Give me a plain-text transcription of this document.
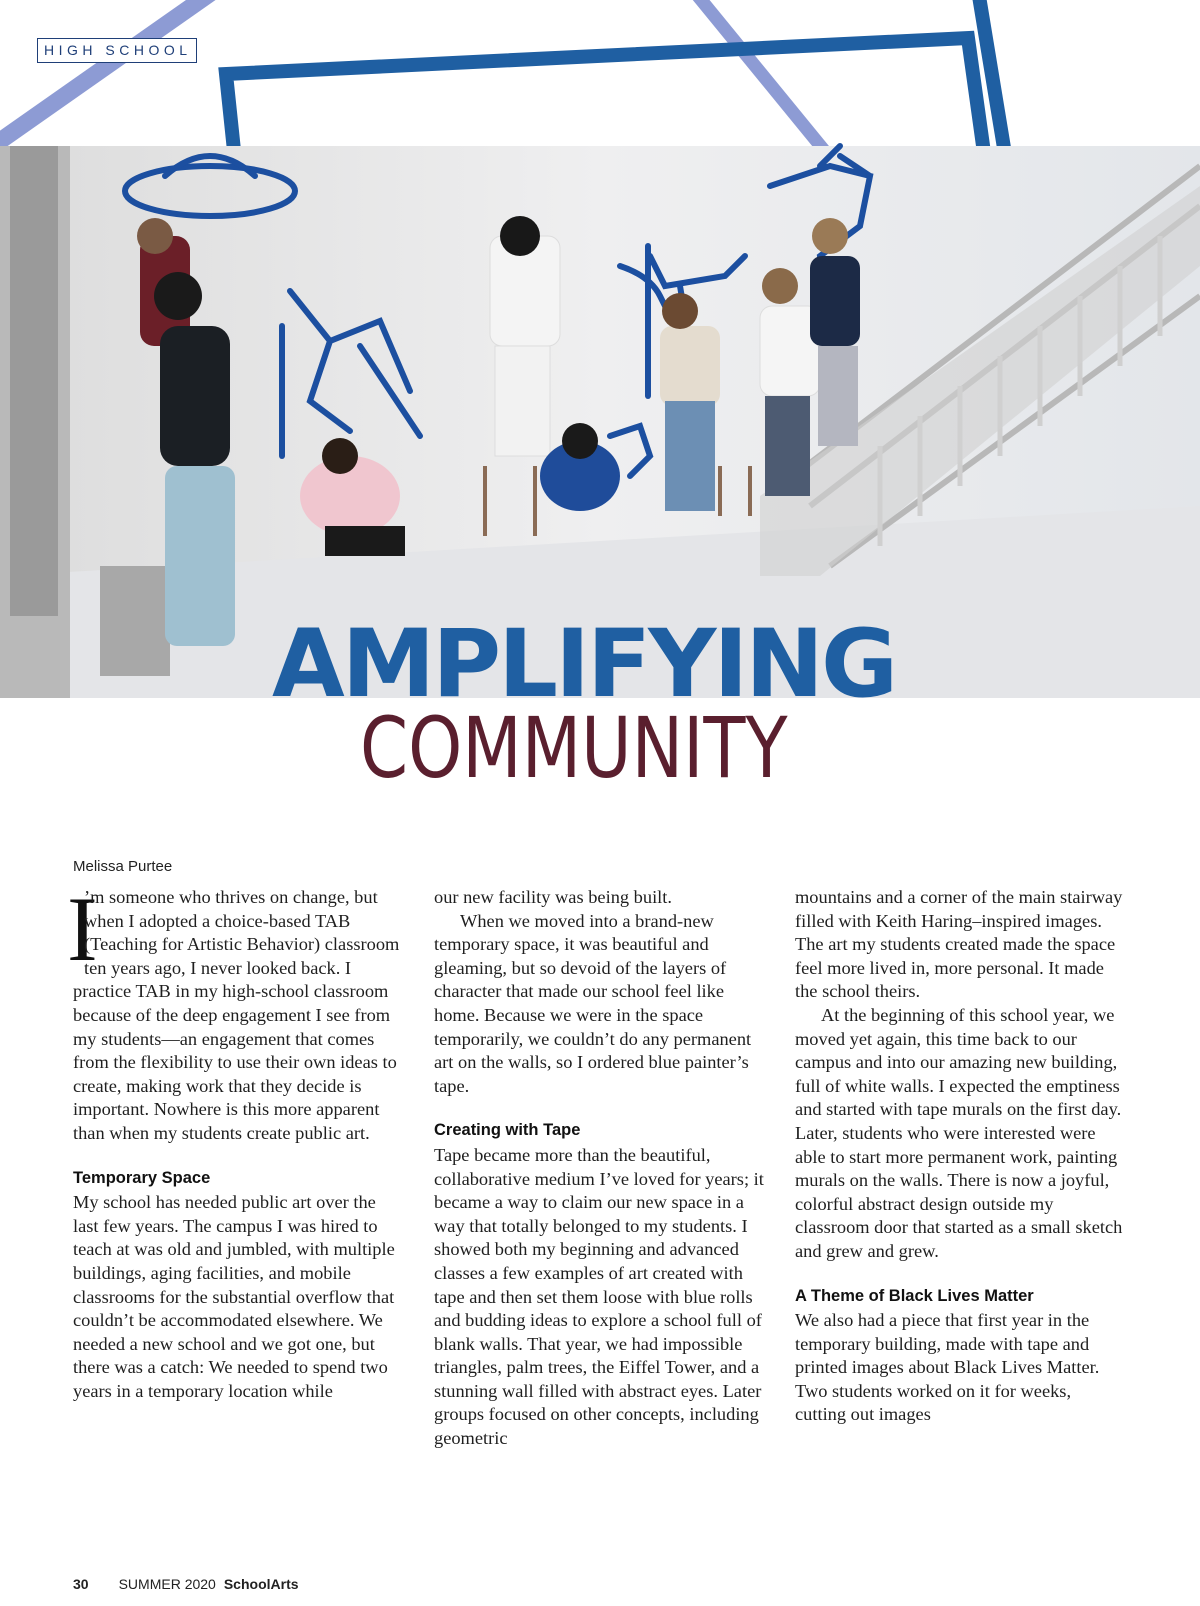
HIGH SCHOOL
AMPLIFYING
COMMUNITY
Melissa Purtee

I
’m someone who thrives on change, but when I adopted a choice-based TAB (Teaching for Artistic Behavior) classroom ten years ago, I never looked back. I practice TAB in my high-school classroom because of the deep engagement I see from my students—an engagement that comes from the flexibility to use their own ideas to create, making work that they decide is important. Nowhere is this more apparent than when my students create public art.

Temporary Space

My school has needed public art over the last few years. The campus I was hired to teach at was old and jumbled, with multiple buildings, aging facilities, and mobile classrooms for the substantial overflow that couldn’t be accommodated elsewhere. We needed a new school and we got one, but there was a catch: We needed to spend two years in a temporary location while

our new facility was being built.

When we moved into a brand-new temporary space, it was beautiful and gleaming, but so devoid of the layers of character that made our school feel like home. Because we were in the space temporarily, we couldn’t do any permanent art on the walls, so I ordered blue painter’s tape.

Creating with Tape

Tape became more than the beautiful, collaborative medium I’ve loved for years; it became a way to claim our new space in a way that totally belonged to my students. I showed both my beginning and advanced classes a few examples of art created with tape and then set them loose with blue rolls and budding ideas to explore a school full of blank walls. That year, we had impossible triangles, palm trees, the Eiffel Tower, and a stunning wall filled with abstract eyes. Later groups focused on other concepts, including geometric

mountains and a corner of the main stairway filled with Keith Haring–inspired images. The art my students created made the space feel more lived in, more personal. It made the school theirs.

At the beginning of this school year, we moved yet again, this time back to our campus and into our amazing new building, full of white walls. I expected the emptiness and started with tape murals on the first day. Later, students who were interested were able to start more permanent work, painting murals on the walls. There is now a joyful, colorful abstract design outside my classroom door that started as a small sketch and grew and grew.

A Theme of Black Lives Matter

We also had a piece that first year in the temporary building, made with tape and printed images about Black Lives Matter. Two students worked on it for weeks, cutting out images

30 SUMMER 2020 SchoolArts
